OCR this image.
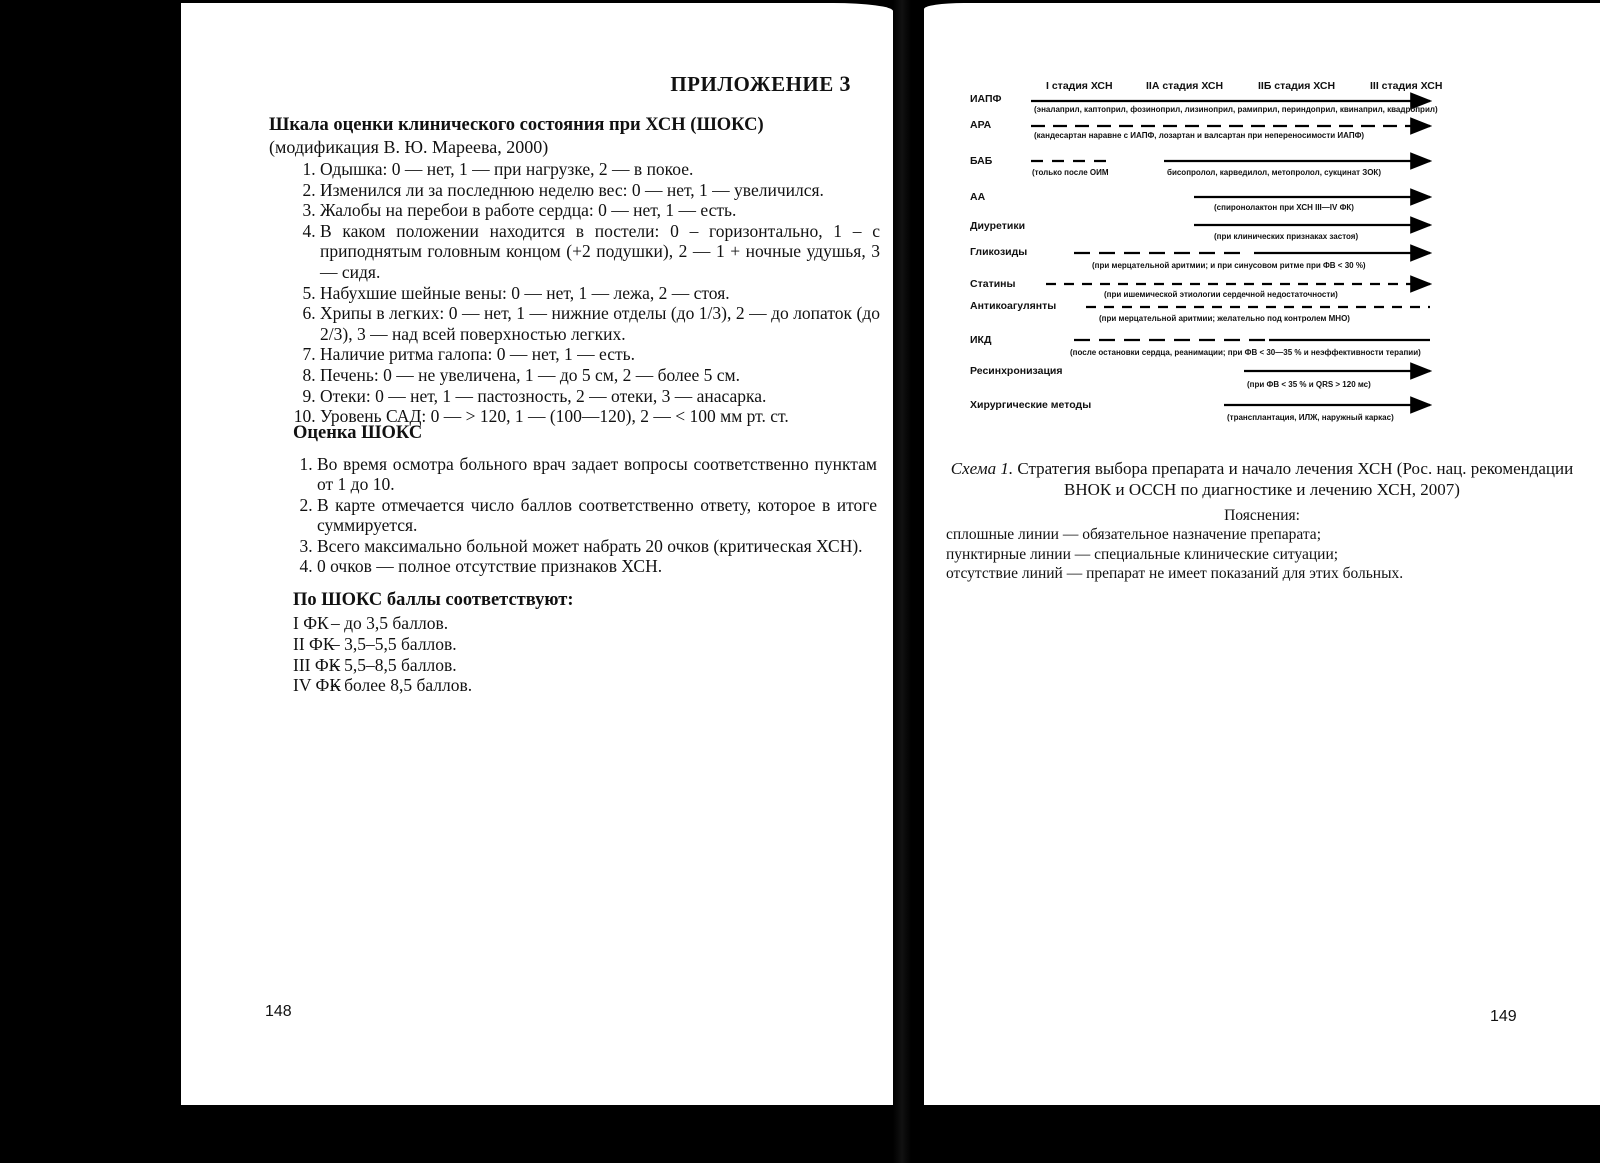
ПРИЛОЖЕНИЕ 3
Шкала оценки клинического состояния при ХСН (ШОКС)
(модификация В. Ю. Мареева, 2000)
1. Одышка: 0 — нет, 1 — при нагрузке, 2 — в покое.
2. Изменился ли за последнюю неделю вес: 0 — нет, 1 — увеличился.
3. Жалобы на перебои в работе сердца: 0 — нет, 1 — есть.
4. В каком положении находится в постели: 0 – горизонтально, 1 – с приподнятым головным концом (+2 подушки), 2 — 1 + ночные удушья, 3 — сидя.
5. Набухшие шейные вены: 0 — нет, 1 — лежа, 2 — стоя.
6. Хрипы в легких: 0 — нет, 1 — нижние отделы (до 1/3), 2 — до лопаток (до 2/3), 3 — над всей поверхностью легких.
7. Наличие ритма галопа: 0 — нет, 1 — есть.
8. Печень: 0 — не увеличена, 1 — до 5 см, 2 — более 5 см.
9. Отеки: 0 — нет, 1 — пастозность, 2 — отеки, 3 — анасарка.
10. Уровень САД: 0 — > 120, 1 — (100—120), 2 — < 100 мм рт. ст.
Оценка ШОКС
1. Во время осмотра больного врач задает вопросы соответственно пунктам от 1 до 10.
2. В карте отмечается число баллов соответственно ответу, которое в итоге суммируется.
3. Всего максимально больной может набрать 20 очков (критическая ХСН).
4. 0 очков — полное отсутствие признаков ХСН.
По ШОКС баллы соответствуют:
I ФК – до 3,5 баллов.
II ФК– 3,5–5,5 баллов.
III ФК– 5,5–8,5 баллов.
IV ФК– более 8,5 баллов.
148
I стадия ХСН	IIА стадия ХСН	IIБ стадия ХСН	III стадия ХСН
ИАПФ
(эналаприл, каптоприл, фозиноприл, лизиноприл, рамиприл, периндоприл, квинаприл, квадроприл)
АРА
(кандесартан наравне с ИАПФ, лозартан и валсартан при непереносимости ИАПФ)
БАБ
(только после ОИМ	бисопролол, карведилол, метопролол, сукцинат ЗОК)
АА
(спиронолактон при ХСН III—IV ФК)
Диуретики
(при клинических признаках застоя)
Гликозиды
(при мерцательной аритмии; и при синусовом ритме при ФВ < 30 %)
Статины
(при ишемической этиологии сердечной недостаточности)
Антикоагулянты
(при мерцательной аритмии; желательно под контролем МНО)
ИКД
(после остановки сердца, реанимации; при ФВ < 30—35 % и неэффективности терапии)
Ресинхронизация
(при ФВ < 35 % и QRS > 120 мс)
Хирургические методы
(трансплантация, ИЛЖ, наружный каркас)
Схема 1. Стратегия выбора препарата и начало лечения ХСН (Рос. нац. рекомендации ВНОК и ОССН по диагностике и лечению ХСН, 2007)
Пояснения:
сплошные линии — обязательное назначение препарата;
пунктирные линии — специальные клинические ситуации;
отсутствие линий — препарат не имеет показаний для этих больных.
149
